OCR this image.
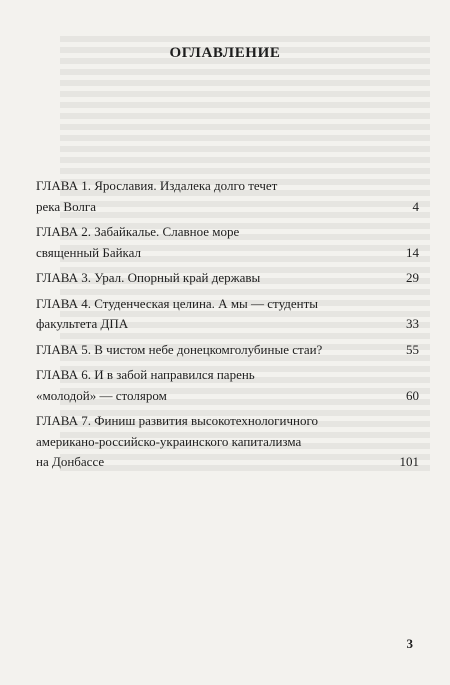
ОГЛАВЛЕНИЕ
ГЛАВА 1. Ярославия. Издалека долго течет
река Волга	4
ГЛАВА 2. Забайкалье. Славное море
священный Байкал	14
ГЛАВА 3. Урал. Опорный край державы	29
ГЛАВА 4. Студенческая целина. А мы — студенты
факультета ДПА	33
ГЛАВА 5. В чистом небе донецкомголубиные стаи?	55
ГЛАВА 6. И в забой направился парень
«молодой» — столяром	60
ГЛАВА 7. Финиш развития высокотехнологичного
американо-российско-украинского капитализма
на Донбассе	101
3
